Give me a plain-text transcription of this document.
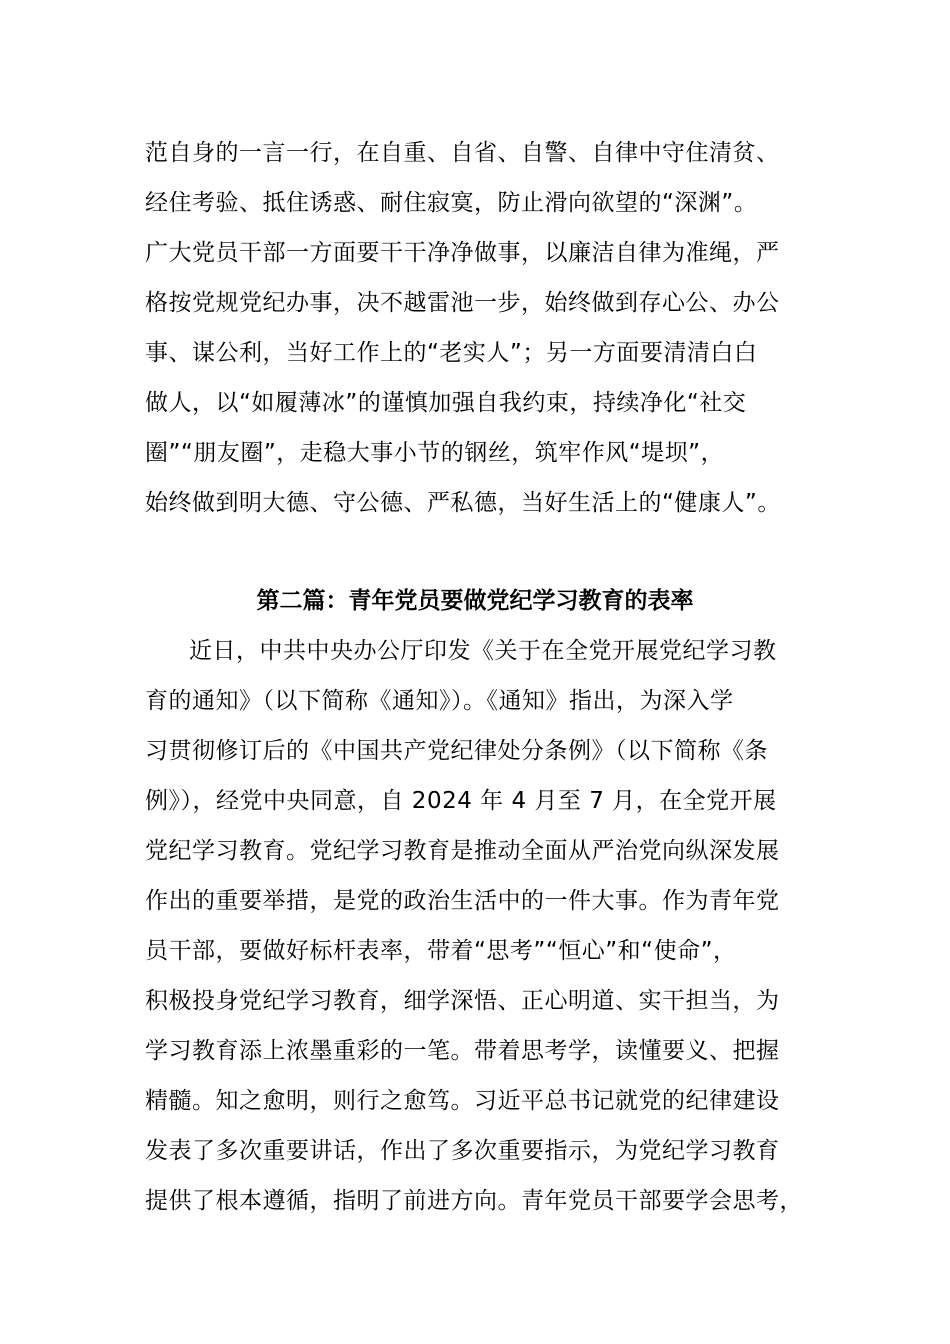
范自身的一言一行，在自重、自省、自警、自律中守住清贫、
经住考验、抵住诱惑、耐住寂寞，防止滑向欲望的“深渊”。
广大党员干部一方面要干干净净做事，以廉洁自律为准绳，严
格按党规党纪办事，决不越雷池一步，始终做到存心公、办公
事、谋公利，当好工作上的“老实人”；另一方面要清清白白
做人，以“如履薄冰”的谨慎加强自我约束，持续净化“社交
圈”“朋友圈”，走稳大事小节的钢丝，筑牢作风“堤坝”，
始终做到明大德、守公德、严私德，当好生活上的“健康人”。
第二篇：青年党员要做党纪学习教育的表率
近日，中共中央办公厅印发《关于在全党开展党纪学习教
育的通知》（以下简称《通知》）。《通知》指出，为深入学
习贯彻修订后的《中国共产党纪律处分条例》（以下简称《条
例》），经党中央同意，自 2024 年 4 月至 7 月，在全党开展
党纪学习教育。党纪学习教育是推动全面从严治党向纵深发展
作出的重要举措，是党的政治生活中的一件大事。作为青年党
员干部，要做好标杆表率，带着“思考”“恒心”和“使命”，
积极投身党纪学习教育，细学深悟、正心明道、实干担当，为
学习教育添上浓墨重彩的一笔。带着思考学，读懂要义、把握
精髓。知之愈明，则行之愈笃。习近平总书记就党的纪律建设
发表了多次重要讲话，作出了多次重要指示，为党纪学习教育
提供了根本遵循，指明了前进方向。青年党员干部要学会思考，
